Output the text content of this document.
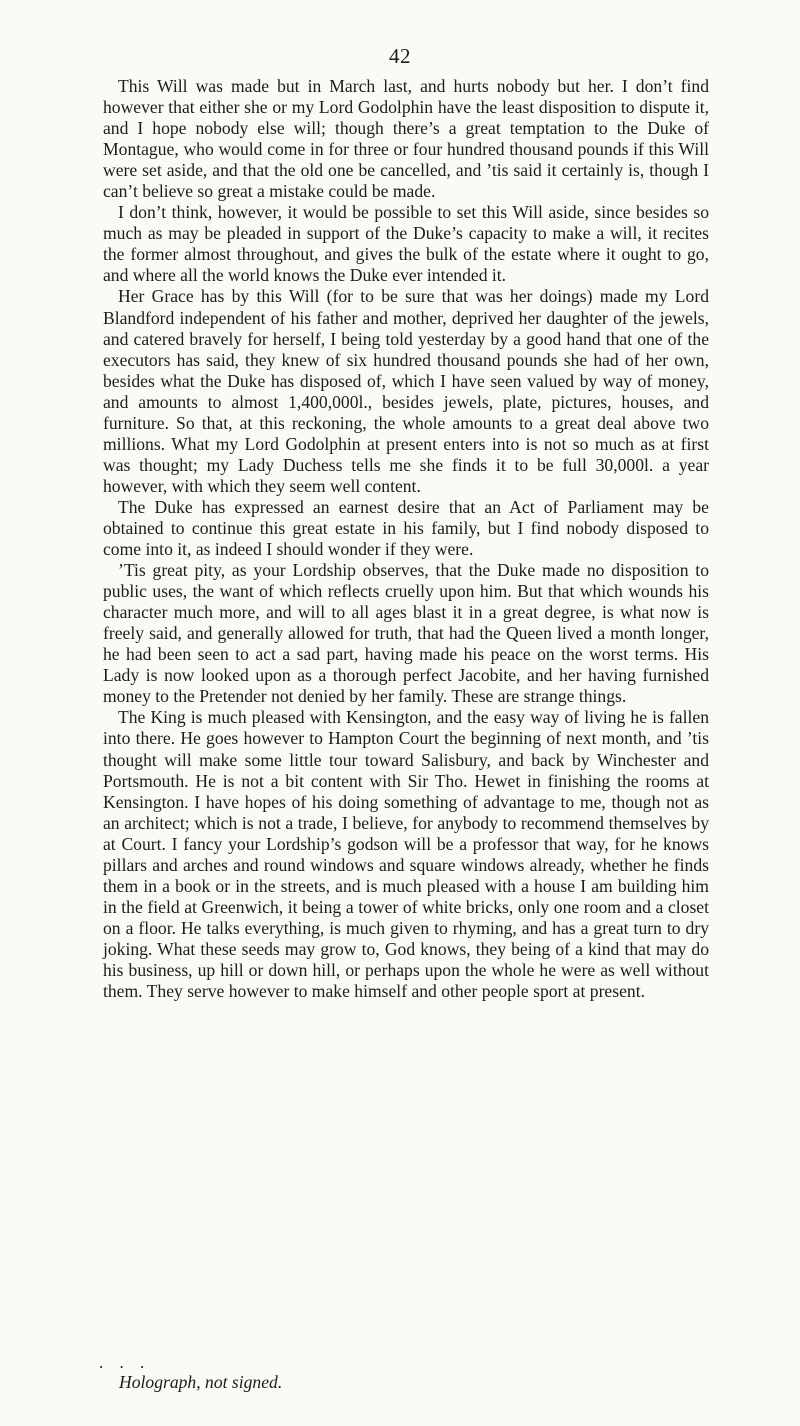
42

This Will was made but in March last, and hurts nobody but her. I don’t find however that either she or my Lord Godolphin have the least disposition to dispute it, and I hope nobody else will; though there’s a great temptation to the Duke of Montague, who would come in for three or four hundred thousand pounds if this Will were set aside, and that the old one be cancelled, and ’tis said it certainly is, though I can’t believe so great a mistake could be made.

I don’t think, however, it would be possible to set this Will aside, since besides so much as may be pleaded in support of the Duke’s capacity to make a will, it recites the former almost throughout, and gives the bulk of the estate where it ought to go, and where all the world knows the Duke ever intended it.

Her Grace has by this Will (for to be sure that was her doings) made my Lord Blandford independent of his father and mother, deprived her daughter of the jewels, and catered bravely for herself, I being told yesterday by a good hand that one of the executors has said, they knew of six hundred thousand pounds she had of her own, besides what the Duke has disposed of, which I have seen valued by way of money, and amounts to almost 1,400,000l., besides jewels, plate, pictures, houses, and furniture. So that, at this reckoning, the whole amounts to a great deal above two millions. What my Lord Godolphin at present enters into is not so much as at first was thought; my Lady Duchess tells me she finds it to be full 30,000l. a year however, with which they seem well content.

The Duke has expressed an earnest desire that an Act of Parliament may be obtained to continue this great estate in his family, but I find nobody disposed to come into it, as indeed I should wonder if they were.

’Tis great pity, as your Lordship observes, that the Duke made no disposition to public uses, the want of which reflects cruelly upon him. But that which wounds his character much more, and will to all ages blast it in a great degree, is what now is freely said, and generally allowed for truth, that had the Queen lived a month longer, he had been seen to act a sad part, having made his peace on the worst terms. His Lady is now looked upon as a thorough perfect Jacobite, and her having furnished money to the Pretender not denied by her family. These are strange things.

The King is much pleased with Kensington, and the easy way of living he is fallen into there. He goes however to Hampton Court the beginning of next month, and ’tis thought will make some little tour toward Salisbury, and back by Winchester and Portsmouth. He is not a bit content with Sir Tho. Hewet in finishing the rooms at Kensington. I have hopes of his doing something of advantage to me, though not as an architect; which is not a trade, I believe, for anybody to recommend themselves by at Court. I fancy your Lordship’s godson will be a professor that way, for he knows pillars and arches and round windows and square windows already, whether he finds them in a book or in the streets, and is much pleased with a house I am building him in the field at Greenwich, it being a tower of white bricks, only one room and a closet on a floor. He talks everything, is much given to rhyming, and has a great turn to dry joking. What these seeds may grow to, God knows, they being of a kind that may do his business, up hill or down hill, or perhaps upon the whole he were as well without them. They serve however to make himself and other people sport at present.

. . .
Holograph, not signed.
